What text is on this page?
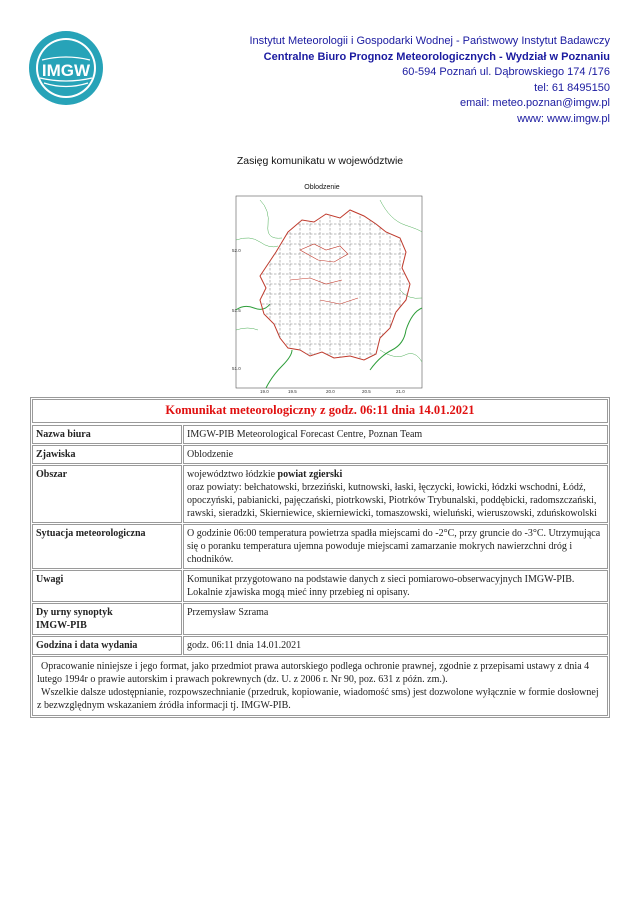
IMGW
Instytut Meteorologii i Gospodarki Wodnej - Państwowy Instytut Badawczy
Centralne Biuro Prognoz Meteorologicznych - Wydział w Poznaniu
60-594 Poznań ul. Dąbrowskiego 174 /176
tel: 61 8495150
email: meteo.poznan@imgw.pl
www: www.imgw.pl
Zasięg komunikatu w województwie
Oblodzenie
52.0
51.5
51.0
19.0	19.5	20.0	20.5	21.0
Komunikat meteorologiczny z godz. 06:11 dnia 14.01.2021
Nazwa biura	IMGW-PIB Meteorological Forecast Centre, Poznan Team
Zjawiska	Oblodzenie
Obszar	województwo łódzkie powiat zgierski
oraz powiaty: bełchatowski, brzeziński, kutnowski, łaski, łęczycki, łowicki, łódzki wschodni, Łódź, opoczyński, pabianicki, pajęczański, piotrkowski, Piotrków Trybunalski, poddębicki, radomszczański, rawski, sieradzki, Skierniewice, skierniewicki, tomaszowski, wieluński, wieruszowski, zduńskowolski
Sytuacja meteorologiczna	O godzinie 06:00 temperatura powietrza spadła miejscami do -2°C, przy gruncie do -3°C. Utrzymująca się o poranku temperatura ujemna powoduje miejscami zamarzanie mokrych nawierzchni dróg i chodników.
Uwagi	Komunikat przygotowano na podstawie danych z sieci pomiarowo-obserwacyjnych IMGW-PIB. Lokalnie zjawiska mogą mieć inny przebieg ni opisany.

Dy urny synoptyk
IMGW-PIB	Przemysław Szrama
Godzina i data wydania	godz. 06:11 dnia 14.01.2021

Opracowanie niniejsze i jego format, jako przedmiot prawa autorskiego podlega ochronie prawnej, zgodnie z przepisami ustawy z dnia 4 lutego 1994r o prawie autorskim i prawach pokrewnych (dz. U. z 2006 r. Nr 90, poz. 631 z późn. zm.).

Wszelkie dalsze udostępnianie, rozpowszechnianie (przedruk, kopiowanie, wiadomość sms) jest dozwolone wyłącznie w formie dosłownej z bezwzględnym wskazaniem źródła informacji tj. IMGW-PIB.	
